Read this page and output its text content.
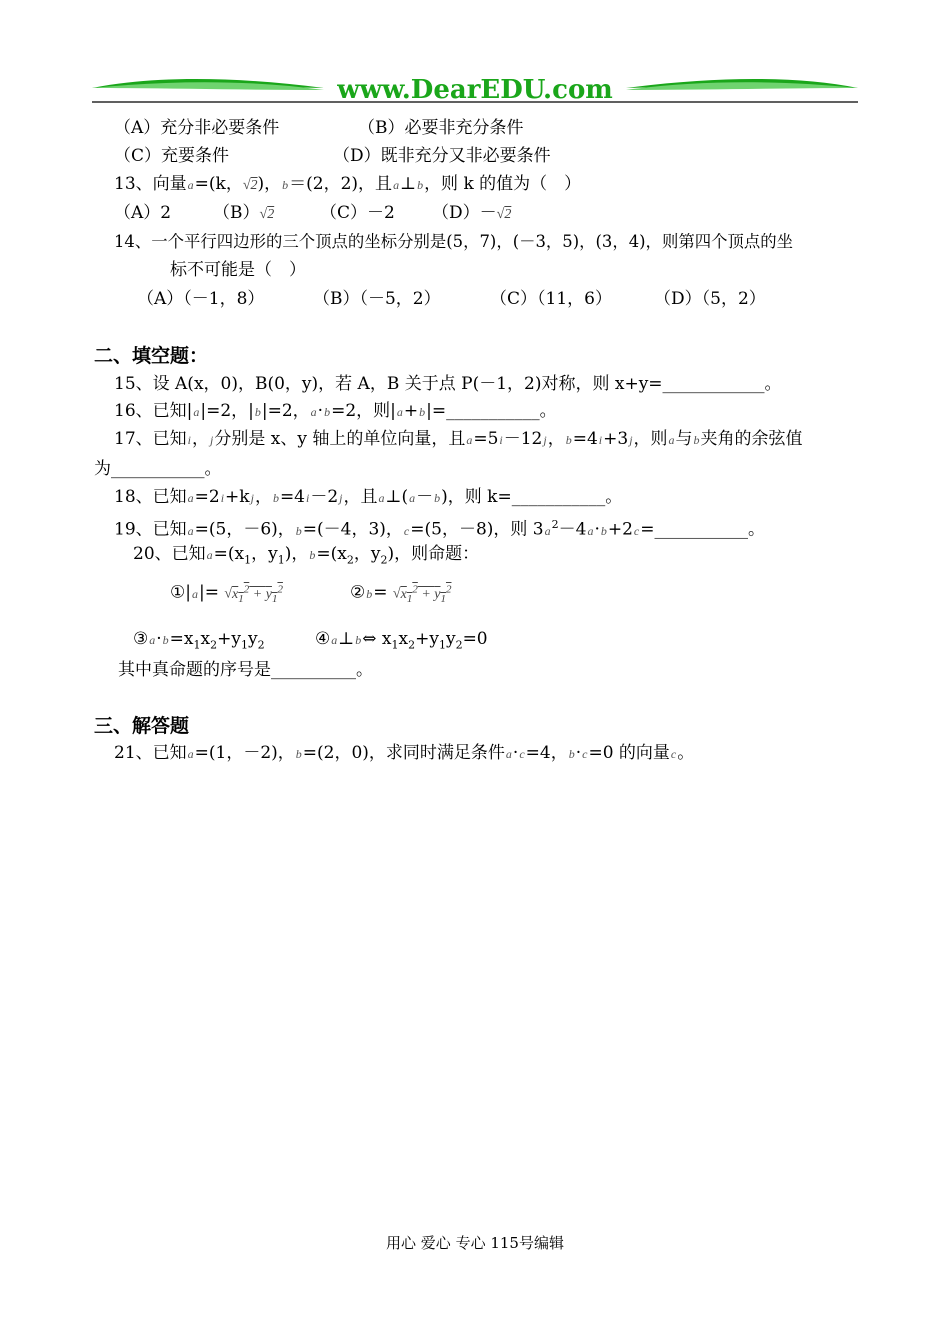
www.DearEDU.com
（A）充分非必要条件	（B）必要非充分条件
（C）充要条件	（D）既非充分又非必要条件
13、向量a=(k，√2)，b＝(2，2)，且a⊥b，则 k 的值为（　）
（A）2 （B）√2	（C）－2 （D）－√2
14、一个平行四边形的三个顶点的坐标分别是(5，7)，(－3，5)，(3，4)，则第四个顶点的坐
标不可能是（　）
（A）（－1，8）	（B）（－5，2）	（C）（11，6） （D）（5，2）
二、填空题：
15、设 A(x，0)，B(0，y)，若 A，B 关于点 P(－1，2)对称，则 x+y=____________。
16、已知|a|=2，|b|=2，a·b=2，则|a+b|=___________。
17、已知i，j分别是 x、y 轴上的单位向量，且a=5i－12j，b=4i+3j，则a与b夹角的余弦值
为___________。
18、已知a=2i+kj，b=4i－2j，且a⊥(a－b)，则 k=___________。
19、已知a=(5，－6)，b=(－4，3)，c=(5，－8)，则 $3a^2-4a\cdot b+2c=\_\_\_\_\_\_\_\_\_\_\_$。
20、已知$a=(x_1$，$y_1$)，$b=(x_2$，$y_2$)，则命题：
①|a|= $√x_1^2 + y_1^2$	②b= $√x_1^2 + y_1^2$
$③a\cdot b=x_1x_2+y_1y_2$	④a⊥b⇔ $x_1x_2+y_1y_2=0$
其中真命题的序号是__________。
三、解答题
21、已知a=(1，－2)，b=(2，0)，求同时满足条件a·c=4，b·c=0 的向量c。
用心 爱心 专心 115号编辑
